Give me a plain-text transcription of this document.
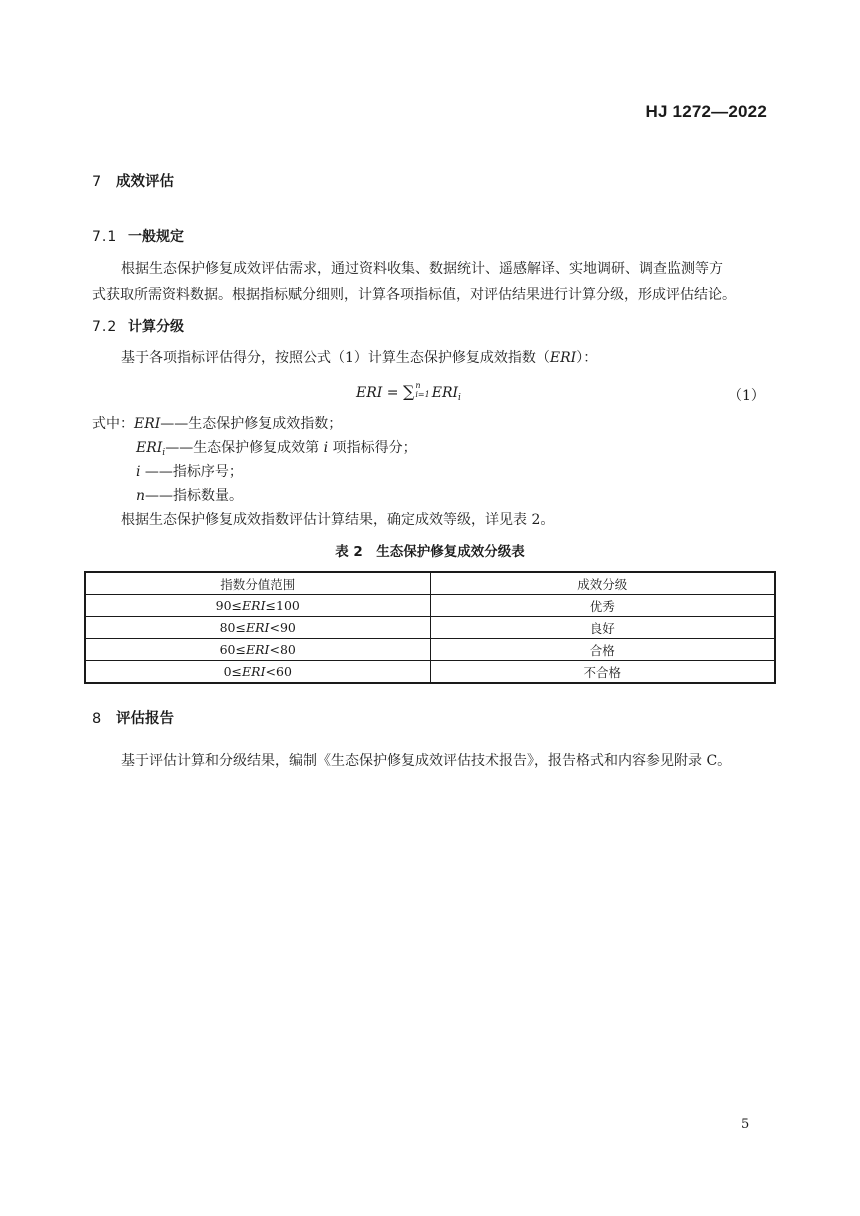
HJ 1272—2022
7 成效评估
7.1 一般规定
根据生态保护修复成效评估需求，通过资料收集、数据统计、遥感解译、实地调研、调查监测等方
式获取所需资料数据。根据指标赋分细则，计算各项指标值，对评估结果进行计算分级，形成评估结论。
7.2 计算分级
基于各项指标评估得分，按照公式（1）计算生态保护修复成效指数（ERI）：
ERI = ∑n
i=1 $ERI_i$	（1）
式中：ERI——生态保护修复成效指数；
$ERI_i——$生态保护修复成效第 i 项指标得分；
i ——指标序号；
n——指标数量。
根据生态保护修复成效指数评估计算结果，确定成效等级，详见表 2。
表 2　生态保护修复成效分级表
指数分值范围	成效分级
90≤ERI≤100	优秀
80≤ERI<90	良好
60≤ERI<80	合格
0≤ERI<60	不合格
8 评估报告
基于评估计算和分级结果，编制《生态保护修复成效评估技术报告》，报告格式和内容参见附录 C。
5
